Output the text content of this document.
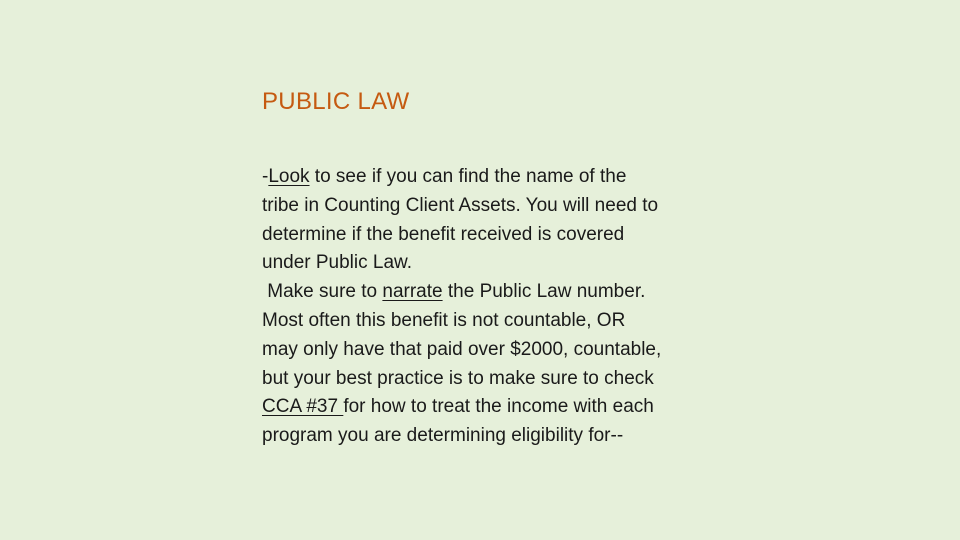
PUBLIC LAW
-Look to see if you can find the name of the
tribe in Counting Client Assets. You will need to
determine if the benefit received is covered
under Public Law.
Make sure to narrate the Public Law number.
Most often this benefit is not countable, OR
may only have that paid over $2000, countable,
but your best practice is to make sure to check
CCA #37 for how to treat the income with each
program you are determining eligibility for--
